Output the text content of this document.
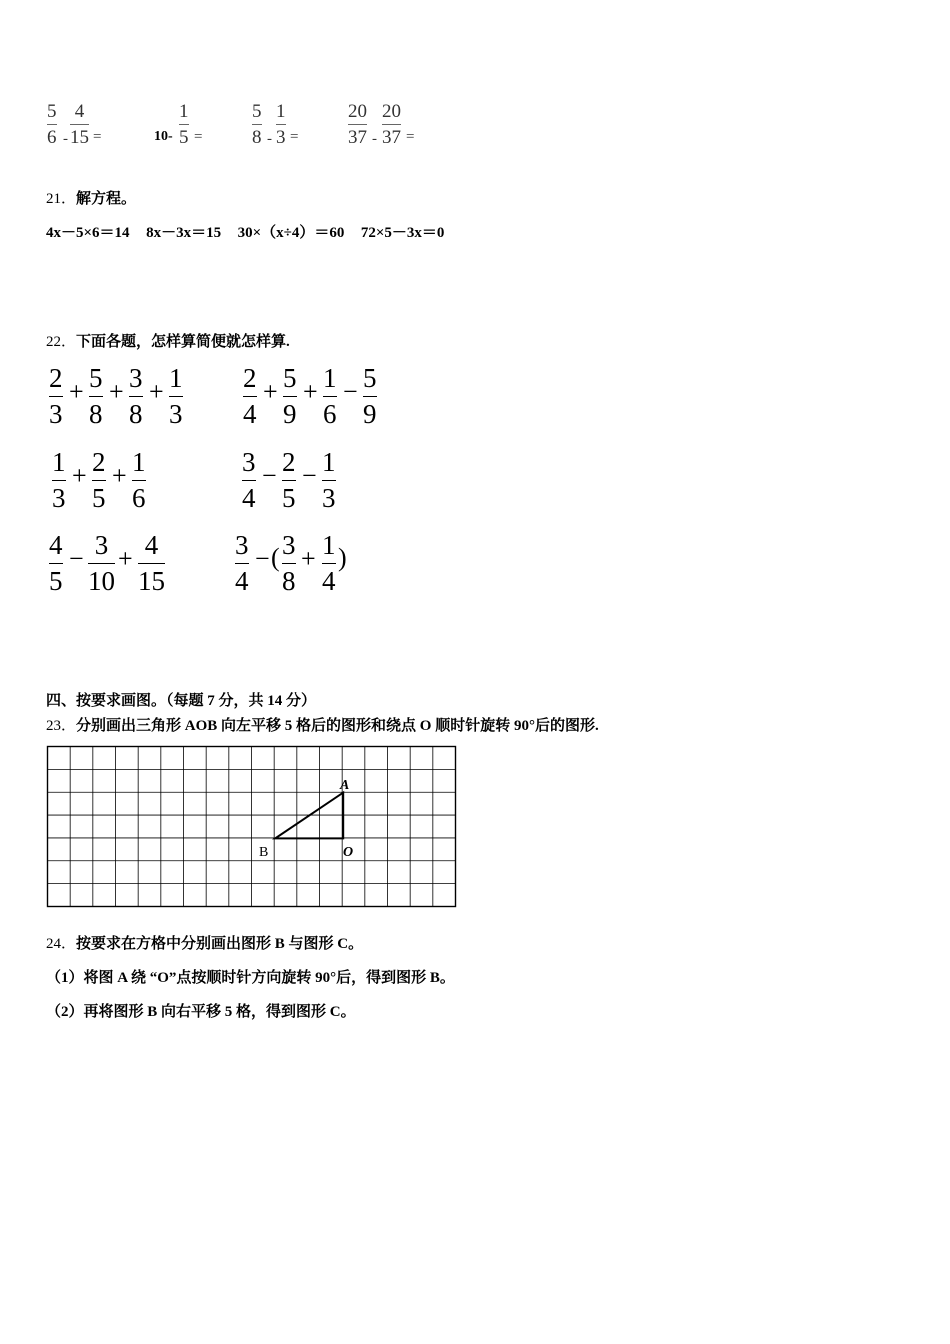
5
6 -
4
15 =	10-
1
5 =
5
8 -
1
3 =
20
37 -
20
37 =
21．解方程。
4x－5×6＝14 8x－3x＝15 30×（x÷4）＝60 72×5－3x＝0
22．下面各题，怎样算简便就怎样算.
2
3
+ 5
8
+ 3
8
+ 1
3
2
4
+ 5
9
+ 1
6
− 5
9
1
3
+ 2
5
+ 1
6
3
4
− 2
5
− 1
3
4
5
− 3
10
+ 4
15
3
4
− ( 3
8
+ 1
4
)
四、按要求画图。（每题 7 分，共 14 分）
23．分别画出三角形 AOB 向左平移 5 格后的图形和绕点 O 顺时针旋转 90°后的图形.
A
B	O
24．按要求在方格中分别画出图形 B 与图形 C。
（1）将图 A 绕 “O”点按顺时针方向旋转 90°后，得到图形 B。
（2）再将图形 B 向右平移 5 格，得到图形 C。
